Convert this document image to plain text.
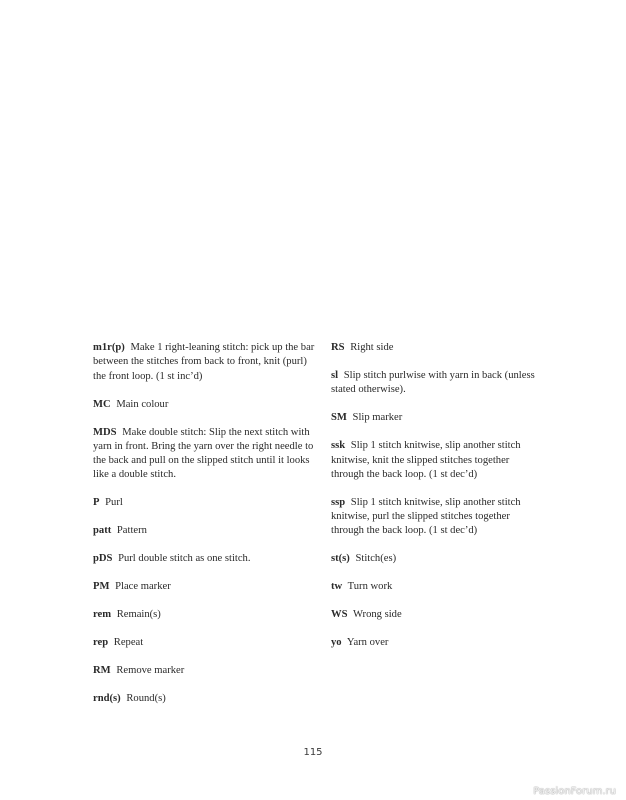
m1r(p) Make 1 right-leaning stitch: pick up the bar between the stitches from back to front, knit (purl) the front loop. (1 st inc’d)

MC Main colour

MDS Make double stitch: Slip the next stitch with yarn in front. Bring the yarn over the right needle to the back and pull on the slipped stitch until it looks like a double stitch.

P Purl

patt Pattern

pDS Purl double stitch as one stitch.

PM Place marker

rem Remain(s)

rep Repeat

RM Remove marker

rnd(s) Round(s)

RS Right side

sl Slip stitch purlwise with yarn in back (unless stated otherwise).

SM Slip marker

ssk Slip 1 stitch knitwise, slip another stitch knitwise, knit the slipped stitches together through the back loop. (1 st dec’d)

ssp Slip 1 stitch knitwise, slip another stitch knitwise, purl the slipped stitches together through the back loop. (1 st dec’d)

st(s) Stitch(es)

tw Turn work

WS Wrong side

yo Yarn over

115
PassionForum.ru
